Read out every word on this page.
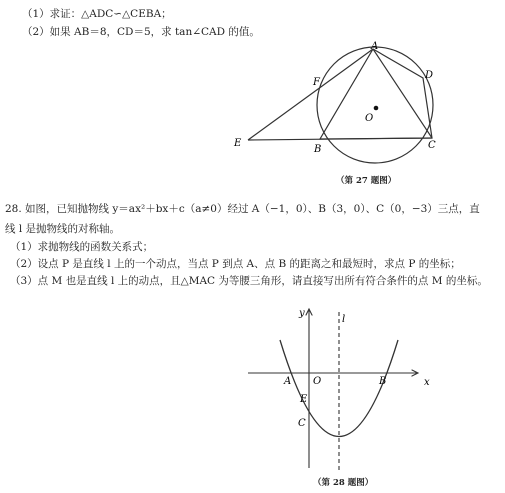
（1）求证：△ADC∽△CEBA；
（2）如果 AB＝8，CD＝5，求 tan∠CAD 的值。
A
D
F
O
E
B	C
（第 27 题图）
28. 如图，已知抛物线 y＝ax²＋bx＋c（a≠0）经过 A（−1，0）、B（3，0）、C（0，−3）三点，直
线 l 是抛物线的对称轴。
（1）求抛物线的函数关系式；
（2）设点 P 是直线 l 上的一个动点，当点 P 到点 A、点 B 的距离之和最短时，求点 P 的坐标；
（3）点 M 也是直线 l 上的动点，且△MAC 为等腰三角形，请直接写出所有符合条件的点 M 的坐标。
y
x
l
A O	B
E
C
（第 28 题图）
